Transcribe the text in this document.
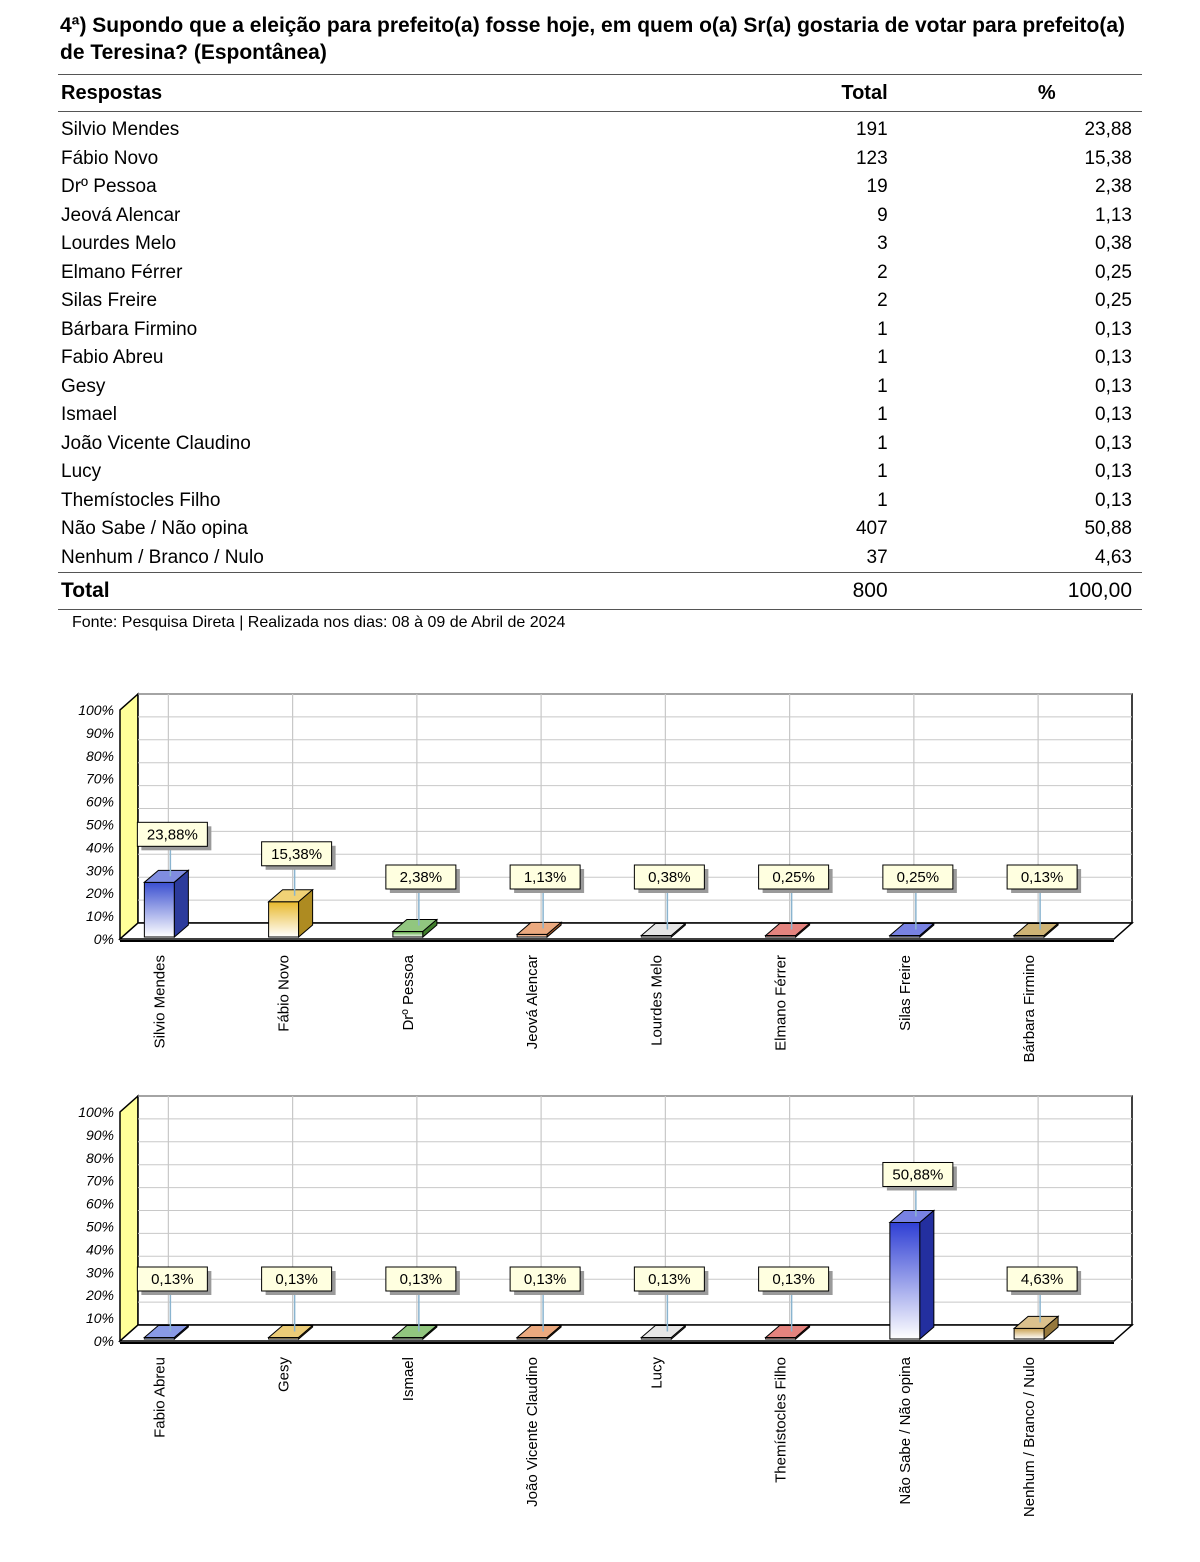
4ª) Supondo que a eleição para prefeito(a) fosse hoje, em quem o(a) Sr(a) gostaria de votar para prefeito(a) de Teresina? (Espontânea)
Respostas	Total	%
Silvio Mendes	191	23,88
Fábio Novo	123	15,38
Drº Pessoa	19	2,38
Jeová Alencar	9	1,13
Lourdes Melo	3	0,38
Elmano Férrer	2	0,25
Silas Freire	2	0,25
Bárbara Firmino	1	0,13
Fabio Abreu	1	0,13
Gesy	1	0,13
Ismael	1	0,13
João Vicente Claudino	1	0,13
Lucy	1	0,13
Themístocles Filho	1	0,13
Não Sabe / Não opina	407	50,88
Nenhum / Branco / Nulo	37	4,63
Total	800	100,00
Fonte: Pesquisa Direta | Realizada nos dias: 08 à 09 de Abril de 2024
0%
10%
20%
30%
40%
50%
60%
70%
80%
90%
100%
23,88%
Silvio Mendes
15,38%
Fábio Novo
2,38%
Drº Pessoa
1,13%
Jeová Alencar
0,38%
Lourdes Melo
0,25%
Elmano Férrer
0,25%
Silas Freire
0,13%
Bárbara Firmino
0%
10%
20%
30%
40%
50%
60%
70%
80%
90%
100%
0,13%
Fabio Abreu
0,13%
Gesy
0,13%
Ismael
0,13%
João Vicente Claudino
0,13%
Lucy
0,13%
Themístocles Filho
50,88%
Não Sabe / Não opina
4,63%
Nenhum / Branco / Nulo
